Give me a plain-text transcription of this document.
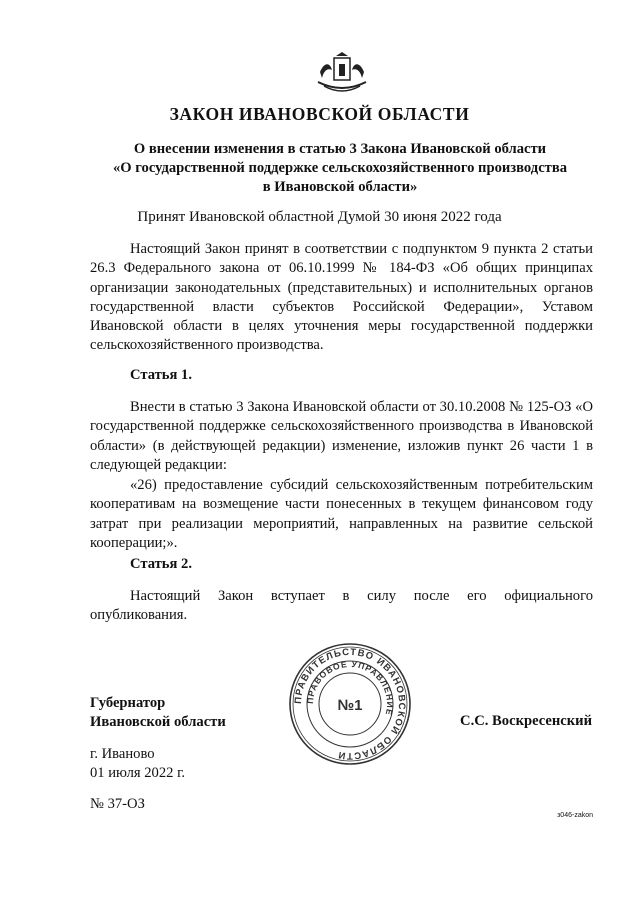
ЗАКОН ИВАНОВСКОЙ ОБЛАСТИ
О внесении изменения в статью 3 Закона Ивановской области
«О государственной поддержке сельскохозяйственного производства
в Ивановской области»
Принят Ивановской областной Думой 30 июня 2022 года

Настоящий Закон принят в соответствии с подпунктом 9 пункта 2 статьи 26.3 Федерального закона от 06.10.1999 № 184-ФЗ «Об общих принципах организации законодательных (представительных) и исполнительных органов государственной власти субъектов Российской Федерации», Уставом Ивановской области в целях уточнения меры государственной поддержки сельскохозяйственного производства.

Статья 1.

Внести в статью 3 Закона Ивановской области от 30.10.2008 № 125-ОЗ «О государственной поддержке сельскохозяйственного производства в Ивановской области» (в действующей редакции) изменение, изложив пункт 26 части 1 в следующей редакции:

«26) предоставление субсидий сельскохозяйственным потребительским кооперативам на возмещение части понесенных в текущем финансовом году затрат при реализации мероприятий, направленных на развитие сельской кооперации;».

Статья 2.

Настоящий Закон вступает в силу после его официального опубликования.

Губернатор
Ивановской области
ПРАВИТЕЛЬСТВО ИВАНОВСКОЙ ОБЛАСТИ
ПРАВОВОЕ УПРАВЛЕНИЕ
№1
С.С. Воскресенский
г. Иваново
01 июля 2022 г.
№ 37-ОЗ
з046-zakon
